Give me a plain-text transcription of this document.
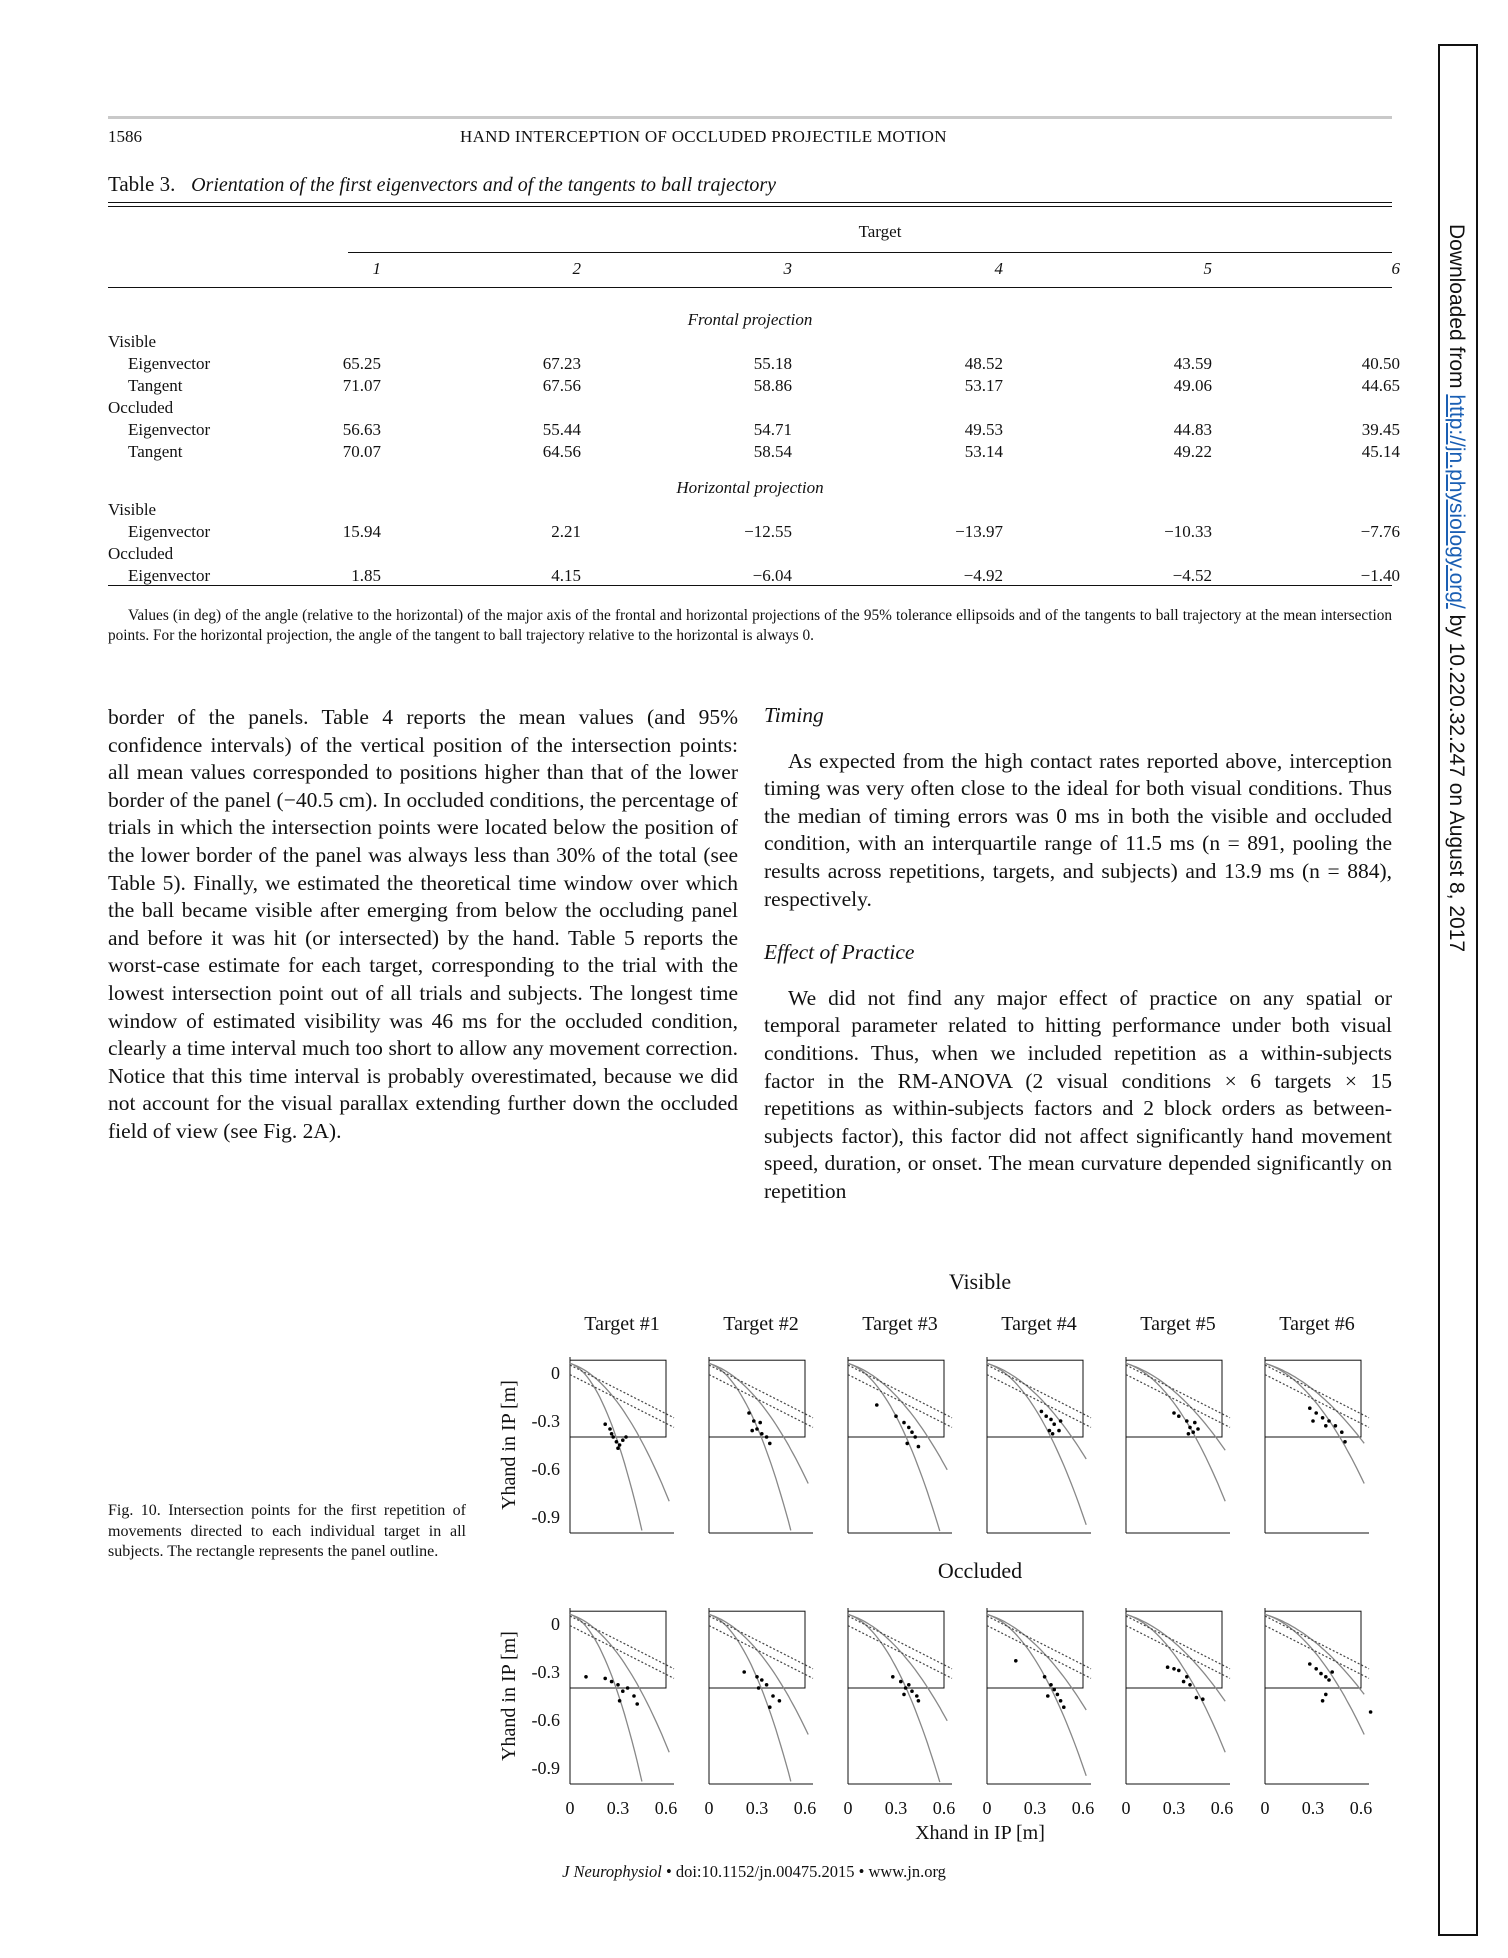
1586	HAND INTERCEPTION OF OCCLUDED PROJECTILE MOTION
Table 3. Orientation of the first eigenvectors and of the tangents to ball trajectory
Target
1	2	3	4	5	6
Frontal projection
Visible
Eigenvector	65.25	67.23	55.18	48.52	43.59	40.50
Tangent	71.07	67.56	58.86	53.17	49.06	44.65
Occluded
Eigenvector	56.63	55.44	54.71	49.53	44.83	39.45
Tangent	70.07	64.56	58.54	53.14	49.22	45.14
Horizontal projection
Visible
Eigenvector	15.94	2.21	−12.55	−13.97	−10.33	−7.76
Occluded
Eigenvector	1.85	4.15	−6.04	−4.92	−4.52	−1.40
Values (in deg) of the angle (relative to the horizontal) of the major axis of the frontal and horizontal projections of the 95% tolerance ellipsoids and of the tangents to ball trajectory at the mean intersection points. For the horizontal projection, the angle of the tangent to ball trajectory relative to the horizontal is always 0.

border of the panels. Table 4 reports the mean values (and 95% confidence intervals) of the vertical position of the intersection points: all mean values corresponded to positions higher than that of the lower border of the panel (−40.5 cm). In occluded conditions, the percentage of trials in which the intersection points were located below the position of the lower border of the panel was always less than 30% of the total (see Table 5). Finally, we estimated the theoretical time window over which the ball became visible after emerging from below the occluding panel and before it was hit (or intersected) by the hand. Table 5 reports the worst-case estimate for each target, corresponding to the trial with the lowest intersection point out of all trials and subjects. The longest time window of estimated visibility was 46 ms for the occluded condition, clearly a time interval much too short to allow any movement correction. Notice that this time interval is probably overestimated, because we did not account for the visual parallax extending further down the occluded field of view (see Fig. 2A).

Timing

As expected from the high contact rates reported above, interception timing was very often close to the ideal for both visual conditions. Thus the median of timing errors was 0 ms in both the visible and occluded condition, with an interquartile range of 11.5 ms (n = 891, pooling the results across repetitions, targets, and subjects) and 13.9 ms (n = 884), respectively.

Effect of Practice

We did not find any major effect of practice on any spatial or temporal parameter related to hitting performance under both visual conditions. Thus, when we included repetition as a within-subjects factor in the RM-ANOVA (2 visual conditions × 6 targets × 15 repetitions as within-subjects factors and 2 block orders as between-subjects factor), this factor did not affect significantly hand movement speed, duration, or onset. The mean curvature depended significantly on repetition

Visible
Target #1	Target #2	Target #3	Target #4	Target #5	Target #6
Yhand in IP [m]
0
-0.3
-0.6
-0.9
Occluded
Yhand in IP [m]
0
-0.3
-0.6
-0.9
0 0.3 0.6 0 0.3 0.6 0 0.3 0.6 0 0.3 0.6 0 0.3 0.6 0 0.3 0.6
Xhand in IP [m]
Fig. 10. Intersection points for the first repetition of movements directed to each individual target in all subjects. The rectangle represents the panel outline.
J Neurophysiol • doi:10.1152/jn.00475.2015 • www.jn.org
Downloaded from http://jn.physiology.org/ by 10.220.32.247 on August 8, 2017
